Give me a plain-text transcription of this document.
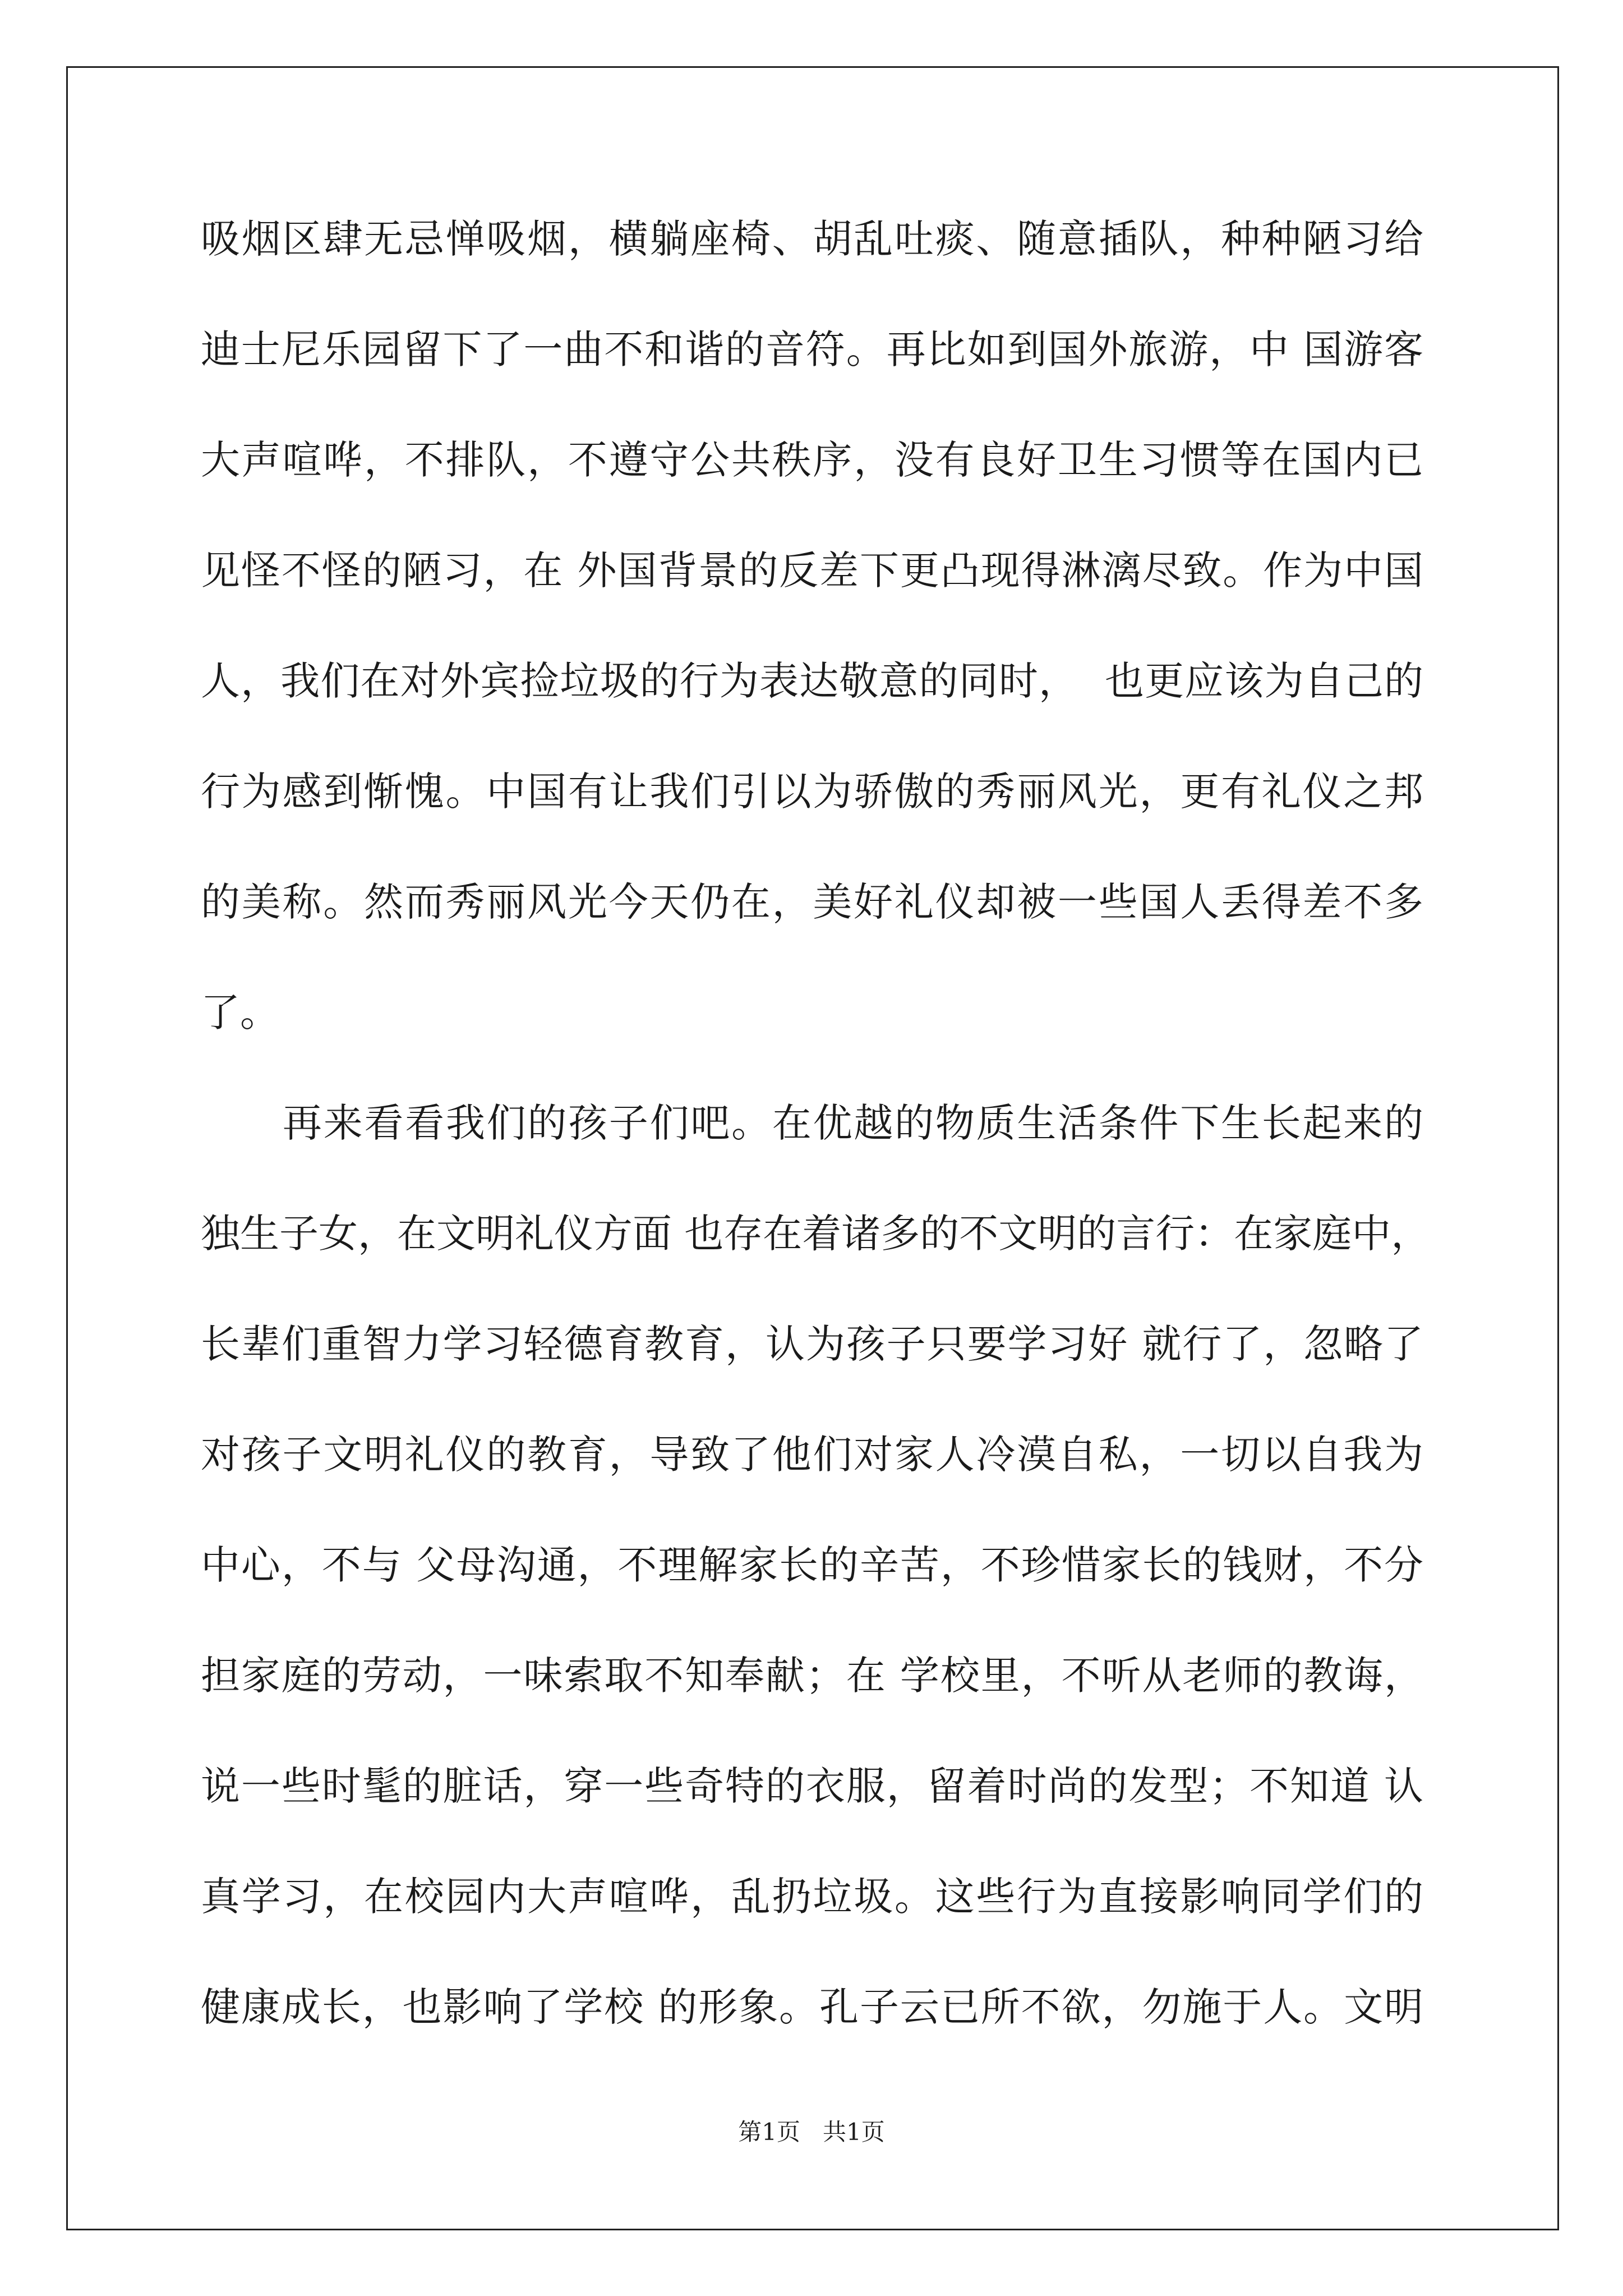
吸烟区肆无忌惮吸烟，横躺座椅、胡乱吐痰、随意插队，种种陋习给
迪士尼乐园留下了一曲不和谐的音符。再比如到国外旅游，中 国游客
大声喧哗，不排队，不遵守公共秩序，没有良好卫生习惯等在国内已
见怪不怪的陋习，在 外国背景的反差下更凸现得淋漓尽致。作为中国
人，我们在对外宾捡垃圾的行为表达敬意的同时，  也更应该为自己的
行为感到惭愧。中国有让我们引以为骄傲的秀丽风光，更有礼仪之邦
的美称。然而秀丽风光今天仍在，美好礼仪却被一些国人丢得差不多
了。
再来看看我们的孩子们吧。在优越的物质生活条件下生长起来的
独生子女，在文明礼仪方面 也存在着诸多的不文明的言行：在家庭中，
长辈们重智力学习轻德育教育，认为孩子只要学习好 就行了，忽略了
对孩子文明礼仪的教育，导致了他们对家人冷漠自私，一切以自我为
中心，不与 父母沟通，不理解家长的辛苦，不珍惜家长的钱财，不分
担家庭的劳动，一味索取不知奉献；在 学校里，不听从老师的教诲，
说一些时髦的脏话，穿一些奇特的衣服，留着时尚的发型；不知道 认
真学习，在校园内大声喧哗，乱扔垃圾。这些行为直接影响同学们的
健康成长，也影响了学校 的形象。孔子云已所不欲，勿施于人。文明
第1页   共1页
